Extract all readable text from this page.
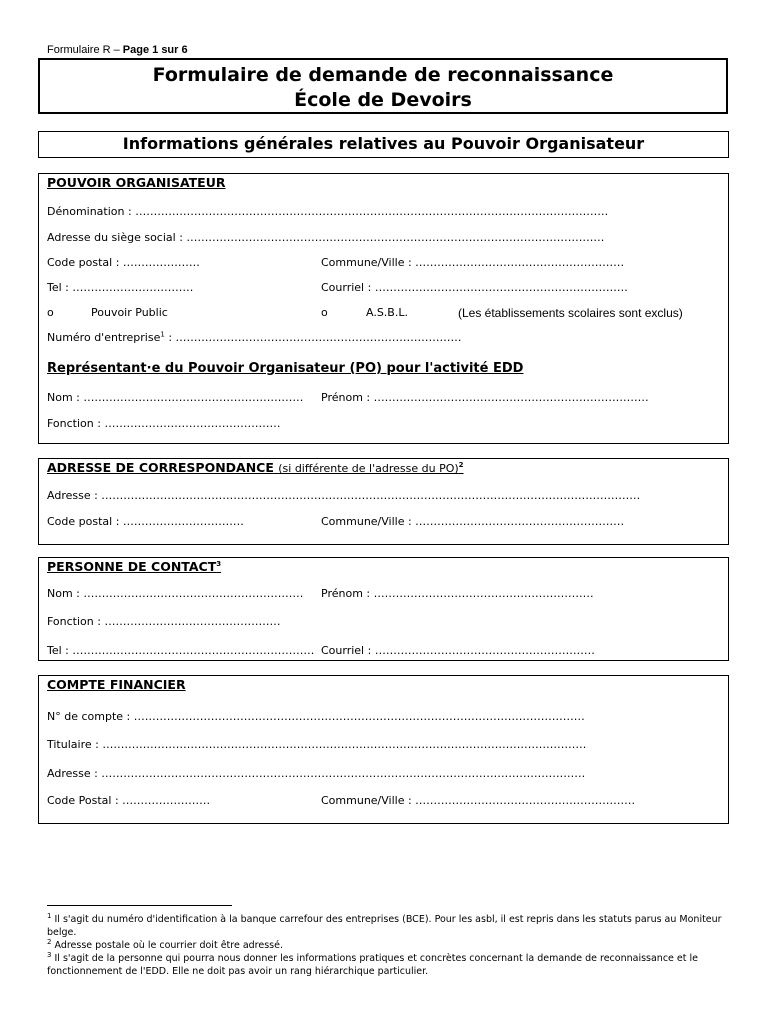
Formulaire R – Page 1 sur 6
Formulaire de demande de reconnaissance
École de Devoirs
Informations générales relatives au Pouvoir Organisateur
POUVOIR ORGANISATEUR
Dénomination : …………………………………………………………………………………………………………………
Adresse du siège social : ……………………………………………………………………………………………………
Code postal : …………………	Commune/Ville : …………………………………………………
Tel : ……………………………	Courriel : ……………………………………………………………
o	Pouvoir Public	o	A.S.B.L.	(Les établissements scolaires sont exclus)
Numéro d'entreprise$^1$ : ……………………………………………………………………
Représentant·e du Pouvoir Organisateur (PO) pour l'activité EDD
Nom : …………………………………………………… Prénom : …………………………………………………………………
Fonction : …………………………………………
ADRESSE DE CORRESPONDANCE (si différente de l'adresse du PO)$^2$
Adresse : …………………………………………………………………………………………………………………………………
Code postal : ……………………………	Commune/Ville : …………………………………………………
PERSONNE DE CONTACT$^3$
Nom : …………………………………………………… Prénom : ……………………………………………………
Fonction : …………………………………………
Tel : ………………………………………………………… Courriel : ……………………………………………………
COMPTE FINANCIER
N° de compte : ……………………………………………………………………………………………………………
Titulaire : ……………………………………………………………………………………………………………………
Adresse : ……………………………………………………………………………………………………………………
Code Postal : ……………………	Commune/Ville : ……………………………………………………
$^1$ Il s'agit du numéro d'identification à la banque carrefour des entreprises (BCE). Pour les asbl, il est repris dans les statuts parus au Moniteur belge.
$^2$ Adresse postale où le courrier doit être adressé.
$^3$ Il s'agit de la personne qui pourra nous donner les informations pratiques et concrètes concernant la demande de reconnaissance et le fonctionnement de l'EDD. Elle ne doit pas avoir un rang hiérarchique particulier.
